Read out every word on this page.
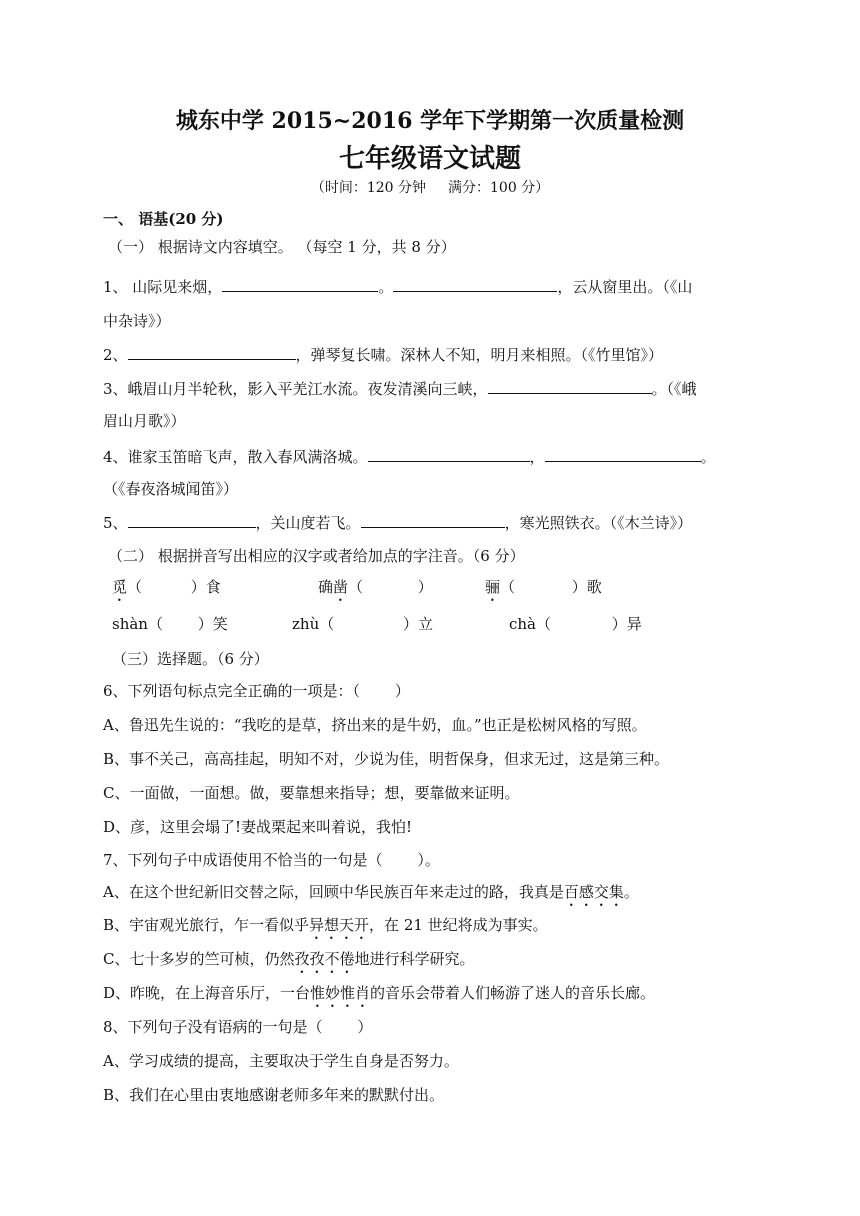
城东中学 2015~2016 学年下学期第一次质量检测
七年级语文试题
（时间：120 分钟 满分：100 分）
一、 语基(20 分)
（一） 根据诗文内容填空。 （每空 1 分，共 8 分）
1、 山际见来烟，	。	，云从窗里出。（《山
中杂诗》）
2、	，弹琴复长啸。深林人不知，明月来相照。（《竹里馆》）
3、峨眉山月半轮秋，影入平羌江水流。夜发清溪向三峡，	。（《峨
眉山月歌》）
4、谁家玉笛暗飞声，散入春风满洛城。	，	。
（《春夜洛城闻笛》）
5、	，关山度若飞。	，寒光照铁衣。（《木兰诗》）
（二） 根据拼音写出相应的汉字或者给加点的字注音。（6 分）
觅（ ）食	确凿（ ）	骊（ ）歌
shàn（ ）笑	zhù（ ）立	chà（ ）异
（三）选择题。（6 分）
6、下列语句标点完全正确的一项是：（ ）
A、鲁迅先生说的：“我吃的是草，挤出来的是牛奶，血。”也正是松树风格的写照。
B、事不关己，高高挂起，明知不对，少说为佳，明哲保身，但求无过，这是第三种。
C、一面做，一面想。做，要靠想来指导；想，要靠做来证明。
D、彦，这里会塌了!妻战栗起来叫着说，我怕!
7、下列句子中成语使用不恰当的一句是（ ）。
A、在这个世纪新旧交替之际，回顾中华民族百年来走过的路，我真是百感交集。
B、宇宙观光旅行，乍一看似乎异想天开，在 21 世纪将成为事实。
C、七十多岁的竺可桢，仍然孜孜不倦地进行科学研究。
D、昨晚，在上海音乐厅，一台惟妙惟肖的音乐会带着人们畅游了迷人的音乐长廊。
8、下列句子没有语病的一句是（ ）
A、学习成绩的提高，主要取决于学生自身是否努力。
B、我们在心里由衷地感谢老师多年来的默默付出。
